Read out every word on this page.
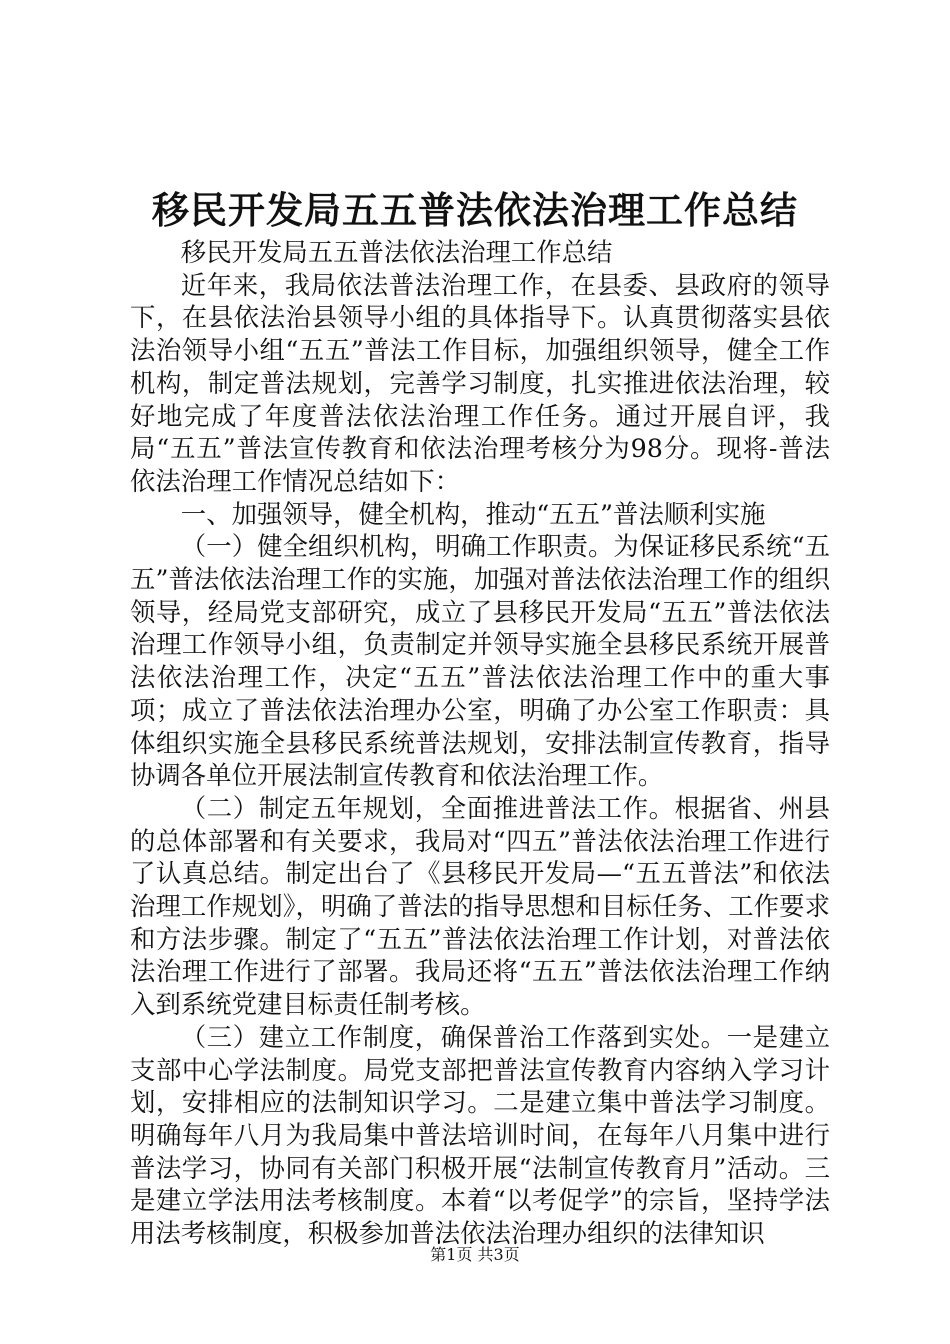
移民开发局五五普法依法治理工作总结

移民开发局五五普法依法治理工作总结

近年来，我局依法普法治理工作，在县委、县政府的领导下，在县依法治县领导小组的具体指导下。认真贯彻落实县依法治领导小组“五五”普法工作目标，加强组织领导，健全工作机构，制定普法规划，完善学习制度，扎实推进依法治理，较好地完成了年度普法依法治理工作任务。通过开展自评，我局“五五”普法宣传教育和依法治理考核分为98分。现将-普法依法治理工作情况总结如下：

一、加强领导，健全机构，推动“五五”普法顺利实施

（一）健全组织机构，明确工作职责。为保证移民系统“五五”普法依法治理工作的实施，加强对普法依法治理工作的组织领导，经局党支部研究，成立了县移民开发局“五五”普法依法治理工作领导小组，负责制定并领导实施全县移民系统开展普法依法治理工作，决定“五五”普法依法治理工作中的重大事项；成立了普法依法治理办公室，明确了办公室工作职责：具体组织实施全县移民系统普法规划，安排法制宣传教育，指导协调各单位开展法制宣传教育和依法治理工作。

（二）制定五年规划，全面推进普法工作。根据省、州县的总体部署和有关要求，我局对“四五”普法依法治理工作进行了认真总结。制定出台了《县移民开发局—“五五普法”和依法治理工作规划》，明确了普法的指导思想和目标任务、工作要求和方法步骤。制定了“五五”普法依法治理工作计划，对普法依法治理工作进行了部署。我局还将“五五”普法依法治理工作纳入到系统党建目标责任制考核。

（三）建立工作制度，确保普治工作落到实处。一是建立支部中心学法制度。局党支部把普法宣传教育内容纳入学习计划，安排相应的法制知识学习。二是建立集中普法学习制度。明确每年八月为我局集中普法培训时间，在每年八月集中进行普法学习，协同有关部门积极开展“法制宣传教育月”活动。三是建立学法用法考核制度。本着“以考促学”的宗旨，坚持学法用法考核制度，积极参加普法依法治理办组织的法律知识

第1页 共3页
